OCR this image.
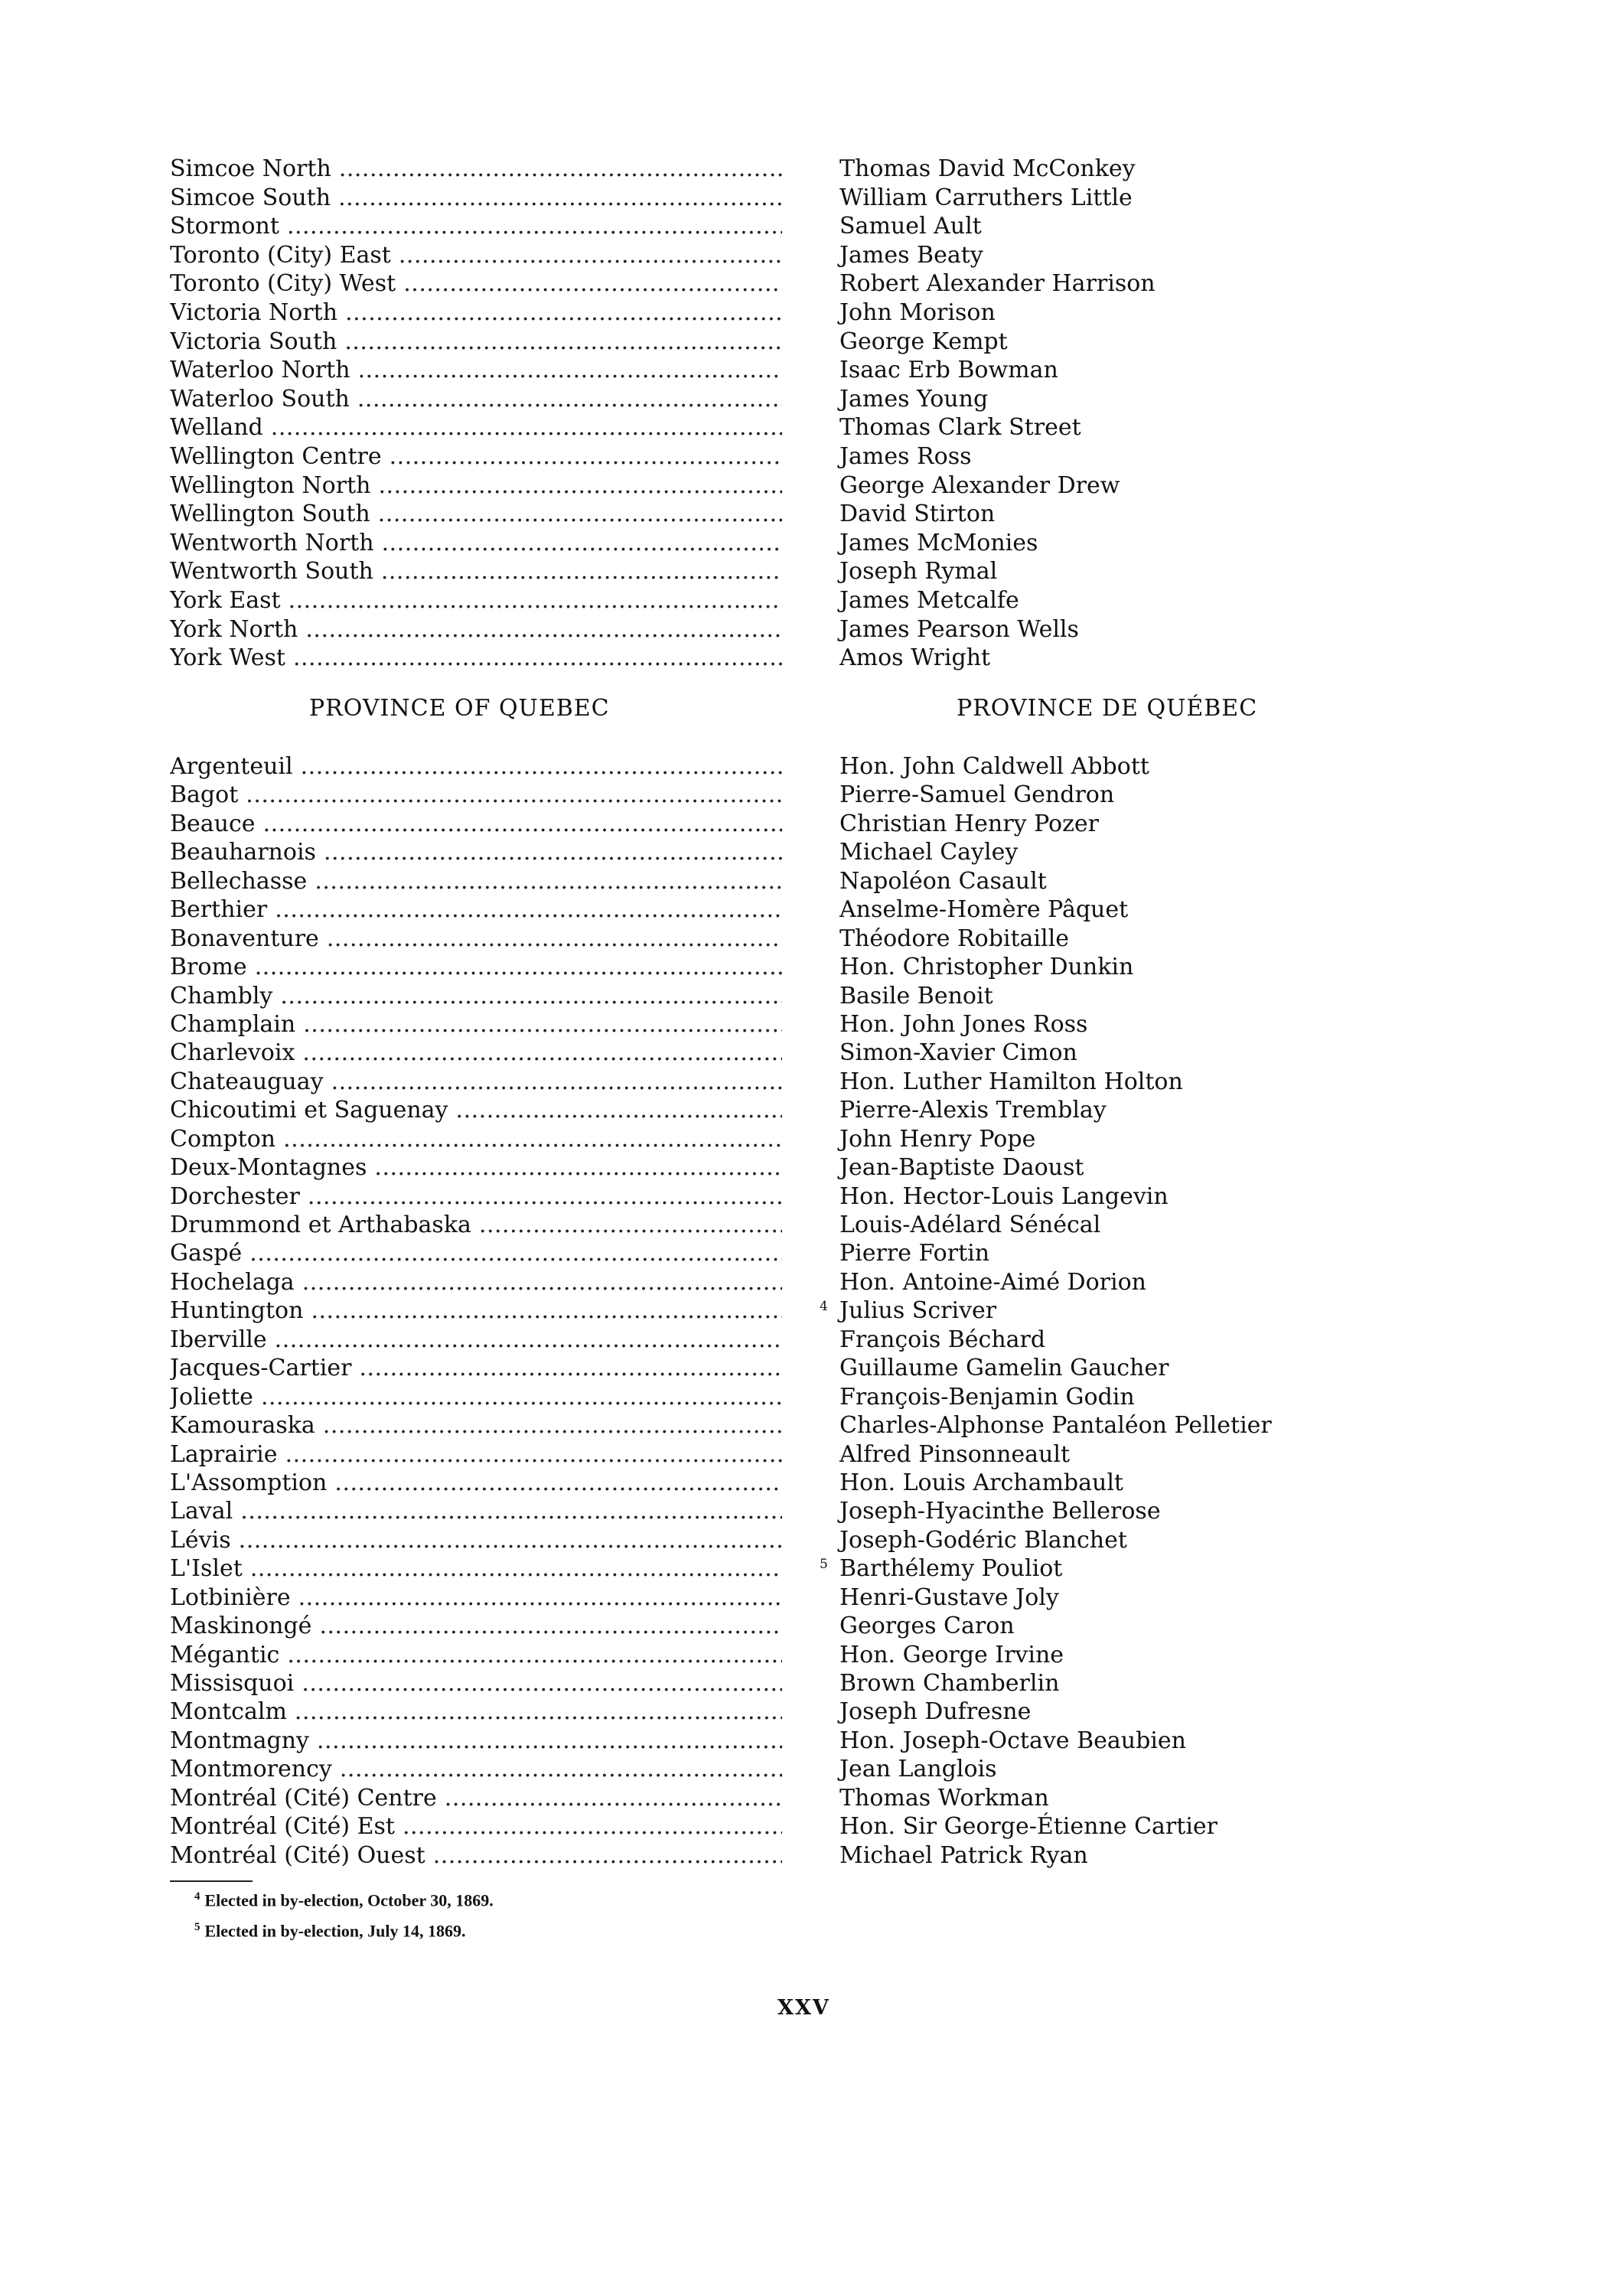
Simcoe North .....	Thomas David McConkey
Simcoe South .....	William Carruthers Little
Stormont .....	Samuel Ault
Toronto (City) East .....	James Beaty
Toronto (City) West .....	Robert Alexander Harrison
Victoria North .....	John Morison
Victoria South .....	George Kempt
Waterloo North .....	Isaac Erb Bowman
Waterloo South .....	James Young
Welland .....	Thomas Clark Street
Wellington Centre .....	James Ross
Wellington North .....	George Alexander Drew
Wellington South .....	David Stirton
Wentworth North .....	James McMonies
Wentworth South .....	Joseph Rymal
York East .....	James Metcalfe
York North .....	James Pearson Wells
York West .....	Amos Wright
PROVINCE OF QUEBEC	PROVINCE DE QUÉBEC
Argenteuil .....	Hon. John Caldwell Abbott
Bagot .....	Pierre-Samuel Gendron
Beauce .....	Christian Henry Pozer
Beauharnois .....	Michael Cayley
Bellechasse .....	Napoléon Casault
Berthier .....	Anselme-Homère Pâquet
Bonaventure .....	Théodore Robitaille
Brome .....	Hon. Christopher Dunkin
Chambly .....	Basile Benoit
Champlain .....	Hon. John Jones Ross
Charlevoix .....	Simon-Xavier Cimon
Chateauguay .....	Hon. Luther Hamilton Holton
Chicoutimi et Saguenay .....	Pierre-Alexis Tremblay
Compton .....	John Henry Pope
Deux-Montagnes .....	Jean-Baptiste Daoust
Dorchester .....	Hon. Hector-Louis Langevin
Drummond et Arthabaska .....	Louis-Adélard Sénécal
Gaspé .....	Pierre Fortin
Hochelaga .....	Hon. Antoine-Aimé Dorion
Huntington .....	4 Julius Scriver
Iberville .....	François Béchard
Jacques-Cartier .....	Guillaume Gamelin Gaucher
Joliette .....	François-Benjamin Godin
Kamouraska .....	Charles-Alphonse Pantaléon Pelletier
Laprairie .....	Alfred Pinsonneault
L'Assomption .....	Hon. Louis Archambault
Laval .....	Joseph-Hyacinthe Bellerose
Lévis .....	Joseph-Godéric Blanchet
L'Islet .....	5 Barthélemy Pouliot
Lotbinière .....	Henri-Gustave Joly
Maskinongé .....	Georges Caron
Mégantic .....	Hon. George Irvine
Missisquoi .....	Brown Chamberlin
Montcalm .....	Joseph Dufresne
Montmagny .....	Hon. Joseph-Octave Beaubien
Montmorency .....	Jean Langlois
Montréal (Cité) Centre .....	Thomas Workman
Montréal (Cité) Est .....	Hon. Sir George-Étienne Cartier
Montréal (Cité) Ouest .....	Michael Patrick Ryan
$^4$ Elected in by-election, October 30, 1869.
$^5$ Elected in by-election, July 14, 1869.
XXV
